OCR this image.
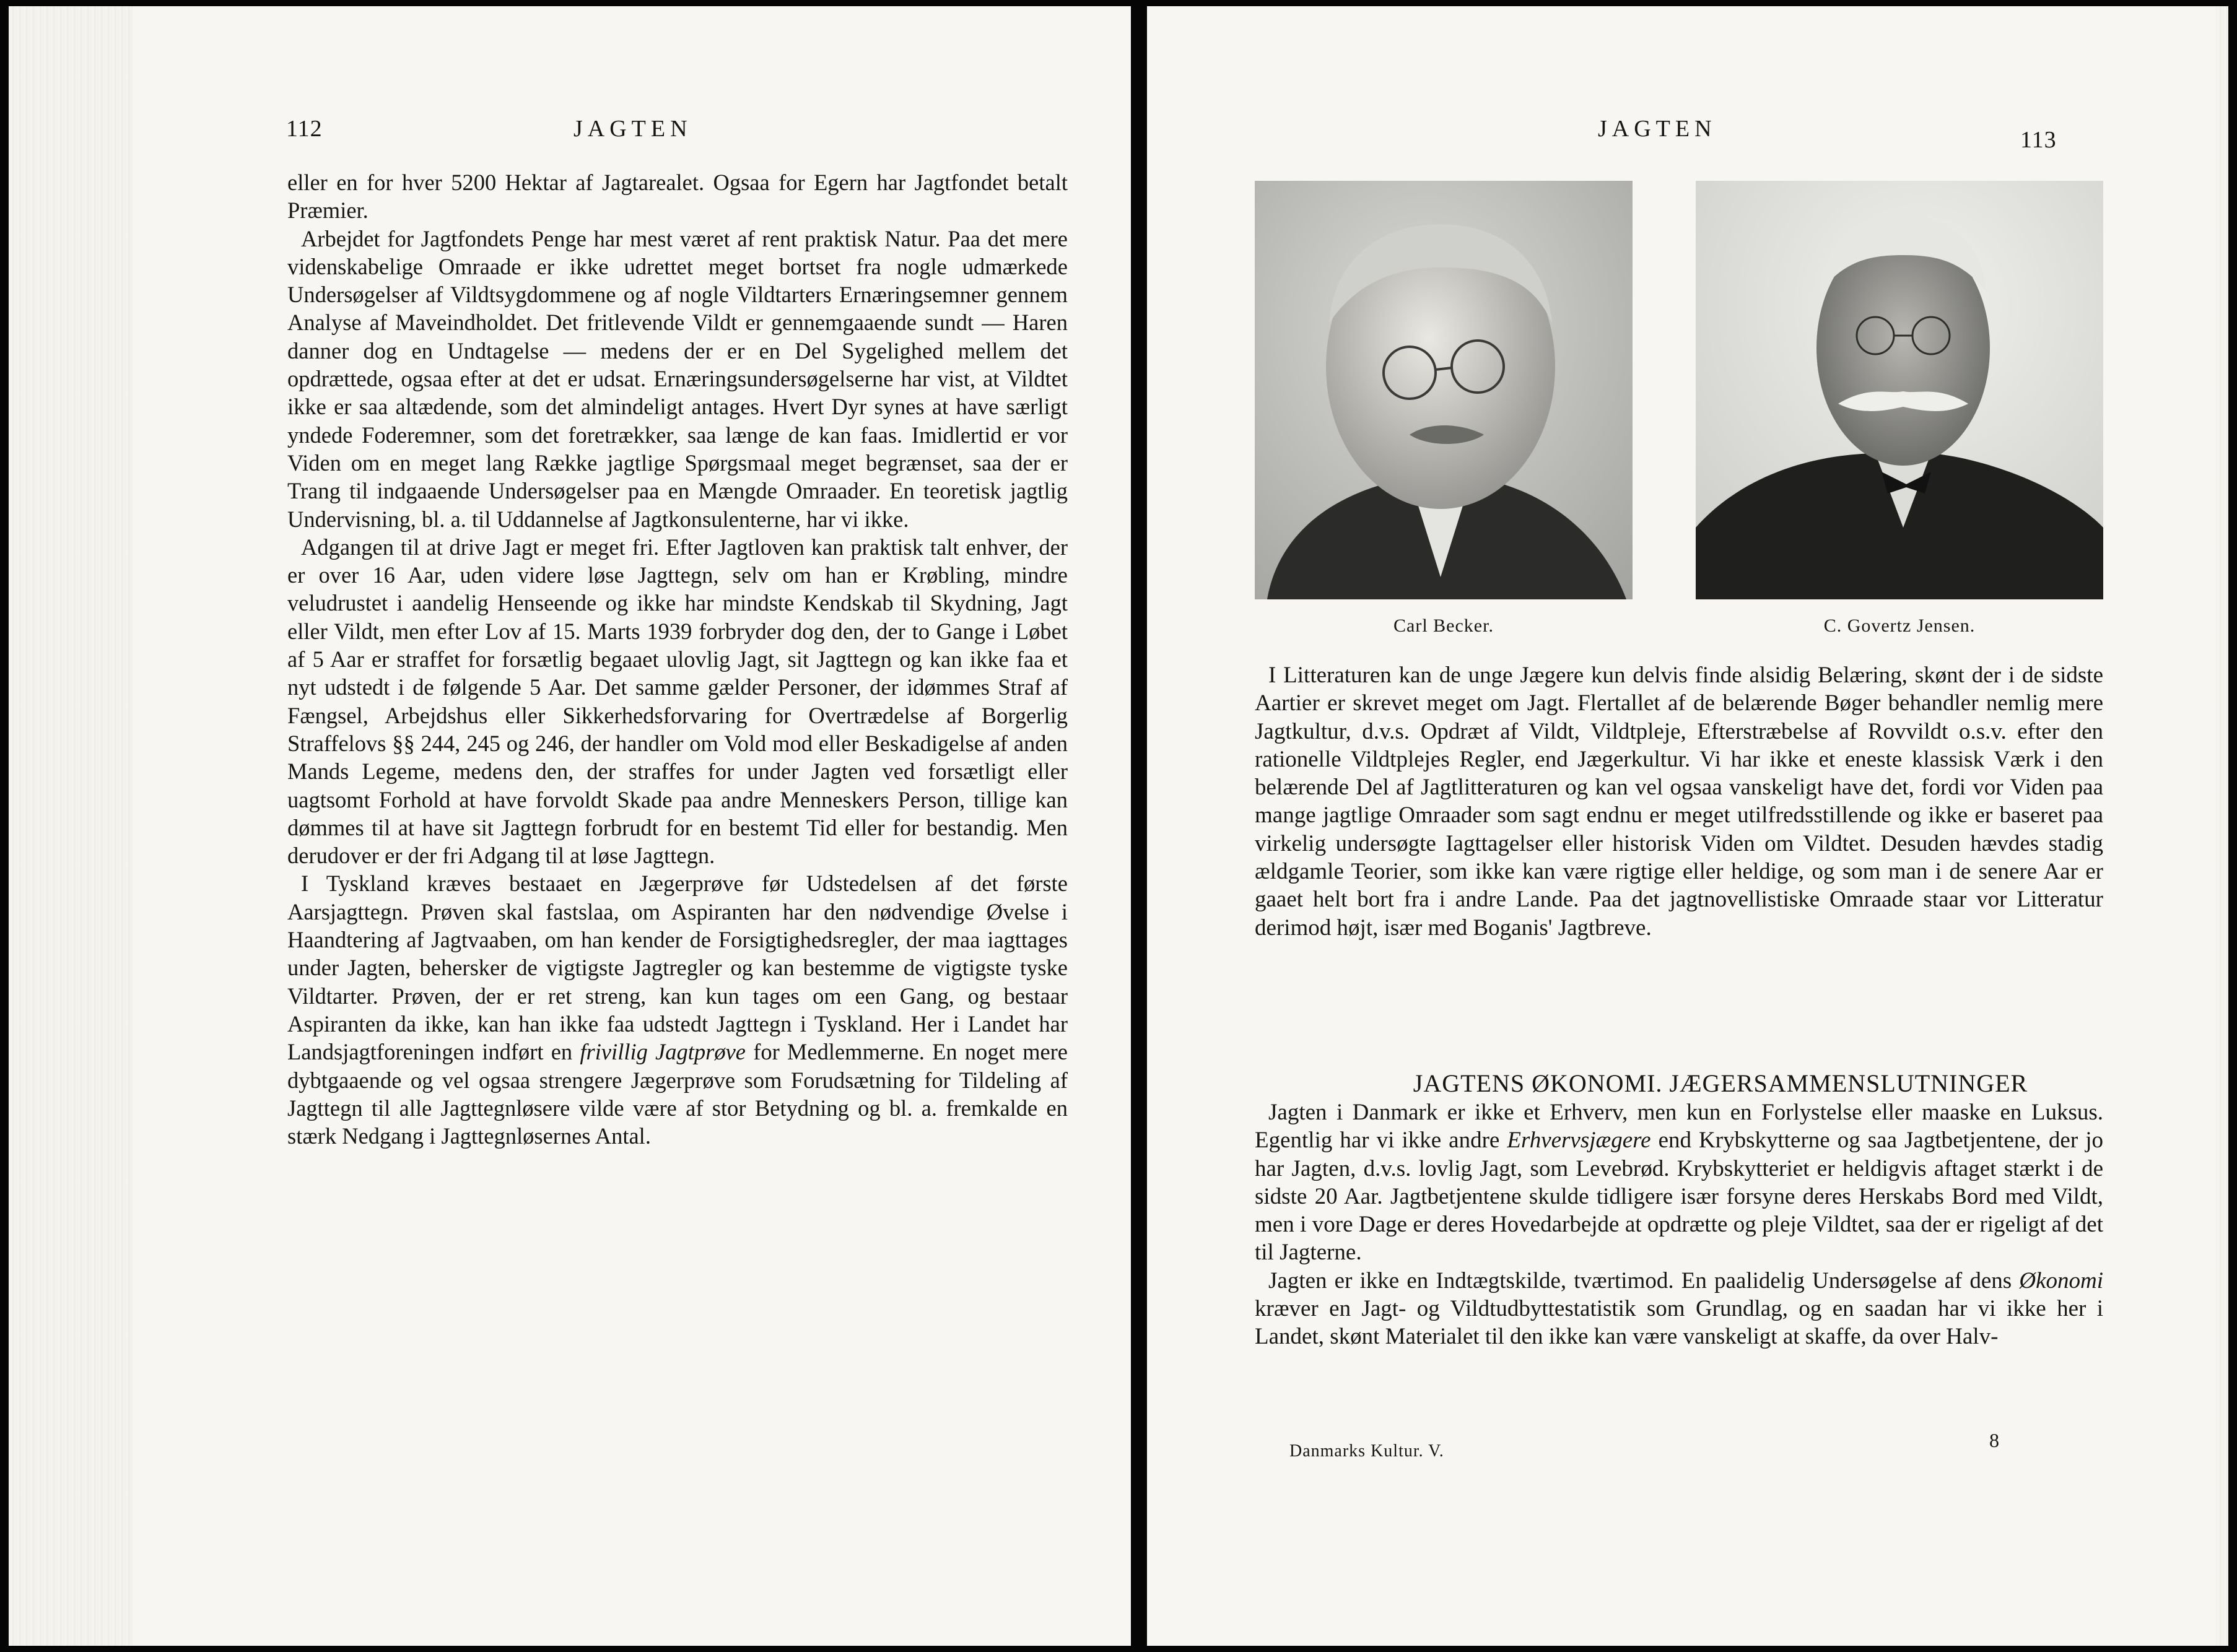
112	JAGTEN

eller en for hver 5200 Hektar af Jagtarealet. Ogsaa for Egern har Jagtfondet betalt Præmier.

Arbejdet for Jagtfondets Penge har mest været af rent praktisk Natur. Paa det mere videnskabelige Omraade er ikke udrettet meget bortset fra nogle udmærkede Undersøgelser af Vildtsygdommene og af nogle Vildtarters Ernæringsemner gennem Analyse af Maveindholdet. Det fritlevende Vildt er gennemgaaende sundt — Haren danner dog en Undtagelse — medens der er en Del Sygelighed mellem det opdrættede, ogsaa efter at det er udsat. Ernæringsundersøgelserne har vist, at Vildtet ikke er saa altædende, som det almindeligt antages. Hvert Dyr synes at have særligt yndede Foderemner, som det foretrækker, saa længe de kan faas. Imidlertid er vor Viden om en meget lang Række jagtlige Spørgsmaal meget begrænset, saa der er Trang til indgaaende Undersøgelser paa en Mængde Omraader. En teoretisk jagtlig Undervisning, bl. a. til Uddannelse af Jagtkonsulenterne, har vi ikke.

Adgangen til at drive Jagt er meget fri. Efter Jagtloven kan praktisk talt enhver, der er over 16 Aar, uden videre løse Jagttegn, selv om han er Krøbling, mindre veludrustet i aandelig Henseende og ikke har mindste Kendskab til Skydning, Jagt eller Vildt, men efter Lov af 15. Marts 1939 forbryder dog den, der to Gange i Løbet af 5 Aar er straffet for forsætlig begaaet ulovlig Jagt, sit Jagttegn og kan ikke faa et nyt udstedt i de følgende 5 Aar. Det samme gælder Personer, der idømmes Straf af Fængsel, Arbejdshus eller Sikkerhedsforvaring for Overtrædelse af Borgerlig Straffelovs §§ 244, 245 og 246, der handler om Vold mod eller Beskadigelse af anden Mands Legeme, medens den, der straffes for under Jagten ved forsætligt eller uagtsomt Forhold at have forvoldt Skade paa andre Menneskers Person, tillige kan dømmes til at have sit Jagttegn forbrudt for en bestemt Tid eller for bestandig. Men derudover er der fri Adgang til at løse Jagttegn.

I Tyskland kræves bestaaet en Jægerprøve før Udstedelsen af det første Aarsjagttegn. Prøven skal fastslaa, om Aspiranten har den nødvendige Øvelse i Haandtering af Jagtvaaben, om han kender de Forsigtighedsregler, der maa iagttages under Jagten, behersker de vigtigste Jagtregler og kan bestemme de vigtigste tyske Vildtarter. Prøven, der er ret streng, kan kun tages om een Gang, og bestaar Aspiranten da ikke, kan han ikke faa udstedt Jagttegn i Tyskland. Her i Landet har Landsjagtforeningen indført en frivillig Jagtprøve for Medlemmerne. En noget mere dybtgaaende og vel ogsaa strengere Jægerprøve som Forudsætning for Tildeling af Jagttegn til alle Jagttegnløsere vilde være af stor Betydning og bl. a. fremkalde en stærk Nedgang i Jagttegnløsernes Antal.

JAGTEN	113
Carl Becker.	C. Govertz Jensen.

I Litteraturen kan de unge Jægere kun delvis finde alsidig Belæring, skønt der i de sidste Aartier er skrevet meget om Jagt. Flertallet af de belærende Bøger behandler nemlig mere Jagtkultur, d.v.s. Opdræt af Vildt, Vildtpleje, Efterstræbelse af Rovvildt o.s.v. efter den rationelle Vildtplejes Regler, end Jægerkultur. Vi har ikke et eneste klassisk Værk i den belærende Del af Jagtlitteraturen og kan vel ogsaa vanskeligt have det, fordi vor Viden paa mange jagtlige Omraader som sagt endnu er meget utilfredsstillende og ikke er baseret paa virkelig undersøgte Iagttagelser eller historisk Viden om Vildtet. Desuden hævdes stadig ældgamle Teorier, som ikke kan være rigtige eller heldige, og som man i de senere Aar er gaaet helt bort fra i andre Lande. Paa det jagtnovellistiske Omraade staar vor Litteratur derimod højt, især med Boganis' Jagtbreve.

JAGTENS ØKONOMI. JÆGERSAMMENSLUTNINGER

Jagten i Danmark er ikke et Erhverv, men kun en Forlystelse eller maaske en Luksus. Egentlig har vi ikke andre Erhvervsjægere end Krybskytterne og saa Jagtbetjentene, der jo har Jagten, d.v.s. lovlig Jagt, som Levebrød. Krybskytteriet er heldigvis aftaget stærkt i de sidste 20 Aar. Jagtbetjentene skulde tidligere især forsyne deres Herskabs Bord med Vildt, men i vore Dage er deres Hovedarbejde at opdrætte og pleje Vildtet, saa der er rigeligt af det til Jagterne.

Jagten er ikke en Indtægtskilde, tværtimod. En paalidelig Undersøgelse af dens Økonomi kræver en Jagt- og Vildtudbyttestatistik som Grundlag, og en saadan har vi ikke her i Landet, skønt Materialet til den ikke kan være vanskeligt at skaffe, da over Halv-

Danmarks Kultur. V.	8
